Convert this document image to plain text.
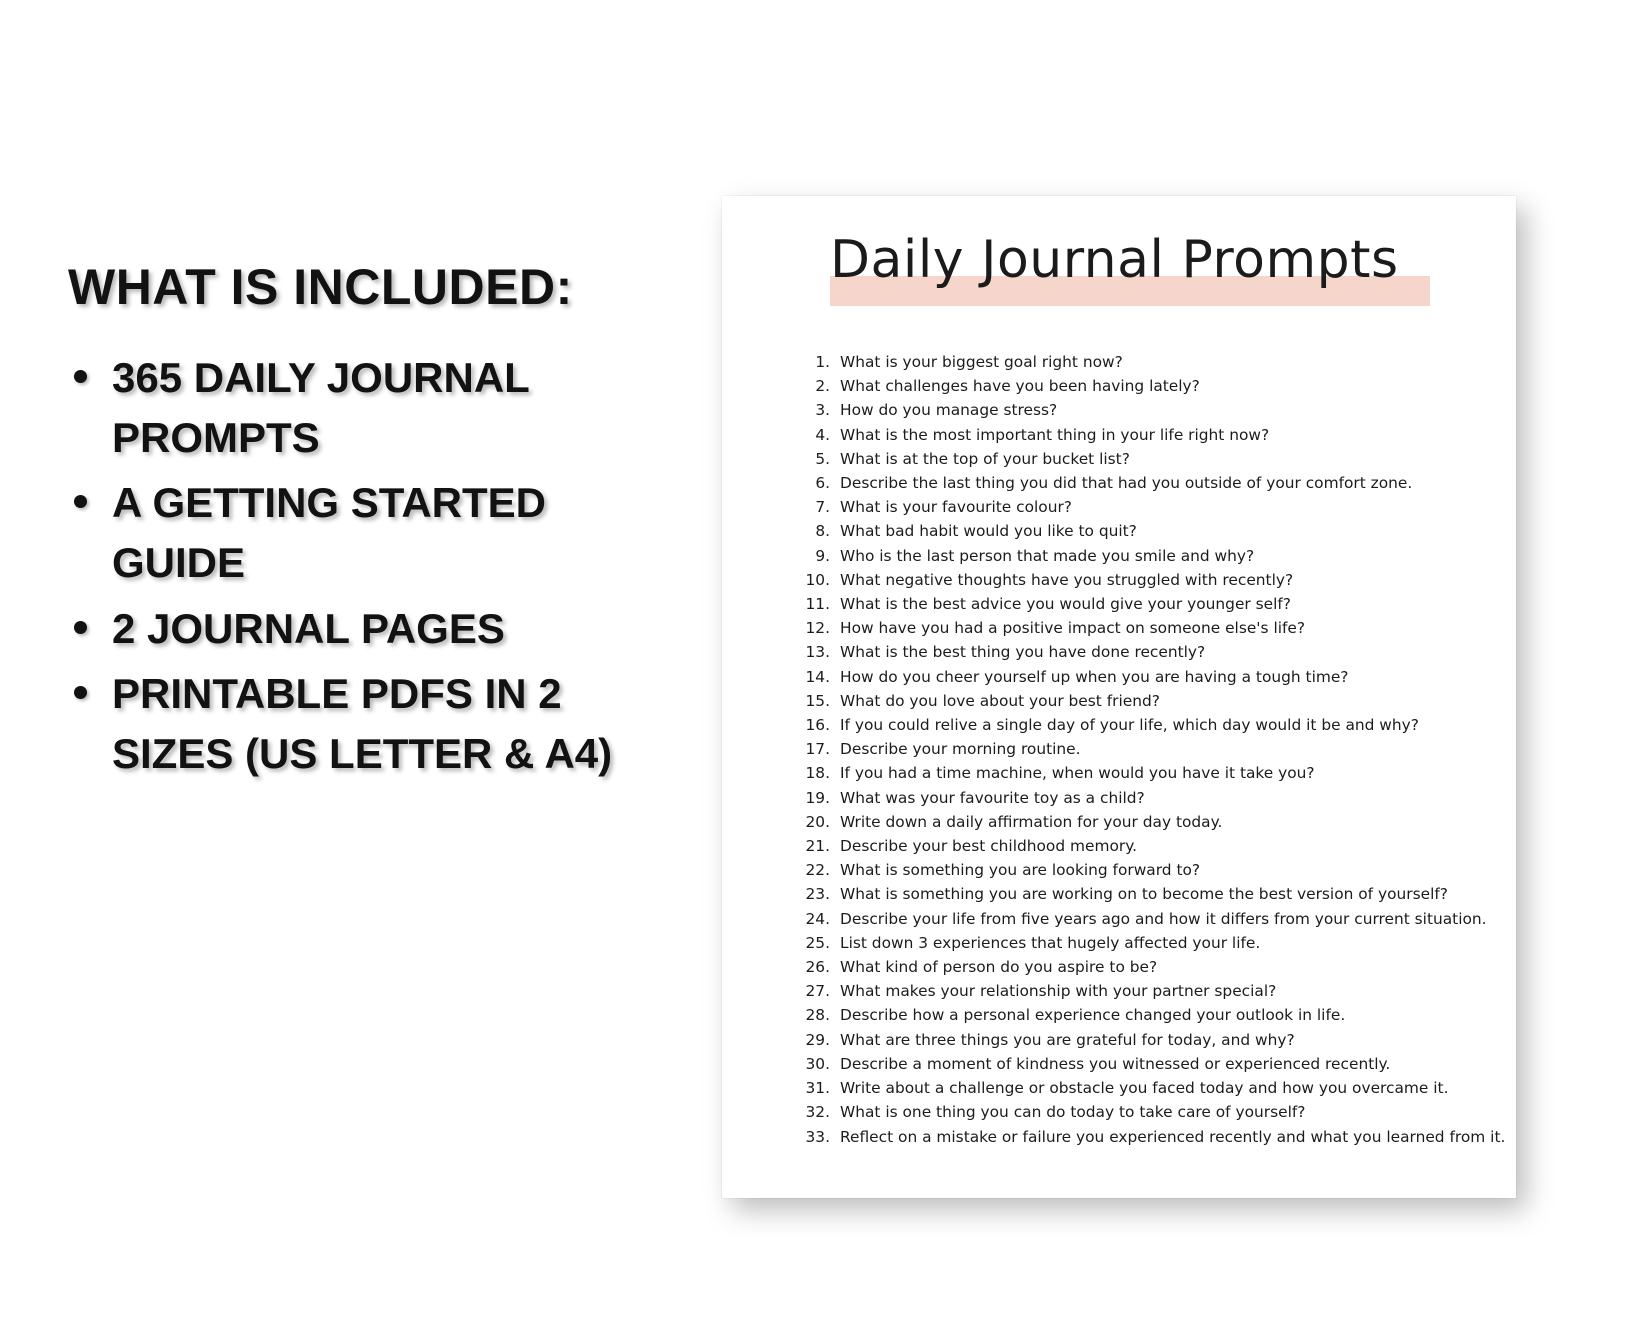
WHAT IS INCLUDED:
365 DAILY JOURNAL PROMPTS
A GETTING STARTED GUIDE
2 JOURNAL PAGES
PRINTABLE PDFS IN 2 SIZES (US LETTER & A4)
Daily Journal Prompts
1. What is your biggest goal right now?
2. What challenges have you been having lately?
3. How do you manage stress?
4. What is the most important thing in your life right now?
5. What is at the top of your bucket list?
6. Describe the last thing you did that had you outside of your comfort zone.
7. What is your favourite colour?
8. What bad habit would you like to quit?
9. Who is the last person that made you smile and why?
10. What negative thoughts have you struggled with recently?
11. What is the best advice you would give your younger self?
12. How have you had a positive impact on someone else's life?
13. What is the best thing you have done recently?
14. How do you cheer yourself up when you are having a tough time?
15. What do you love about your best friend?
16. If you could relive a single day of your life, which day would it be and why?
17. Describe your morning routine.
18. If you had a time machine, when would you have it take you?
19. What was your favourite toy as a child?
20. Write down a daily affirmation for your day today.
21. Describe your best childhood memory.
22. What is something you are looking forward to?
23. What is something you are working on to become the best version of yourself?
24. Describe your life from five years ago and how it differs from your current situation.
25. List down 3 experiences that hugely affected your life.
26. What kind of person do you aspire to be?
27. What makes your relationship with your partner special?
28. Describe how a personal experience changed your outlook in life.
29. What are three things you are grateful for today, and why?
30. Describe a moment of kindness you witnessed or experienced recently.
31. Write about a challenge or obstacle you faced today and how you overcame it.
32. What is one thing you can do today to take care of yourself?
33. Reflect on a mistake or failure you experienced recently and what you learned from it.
